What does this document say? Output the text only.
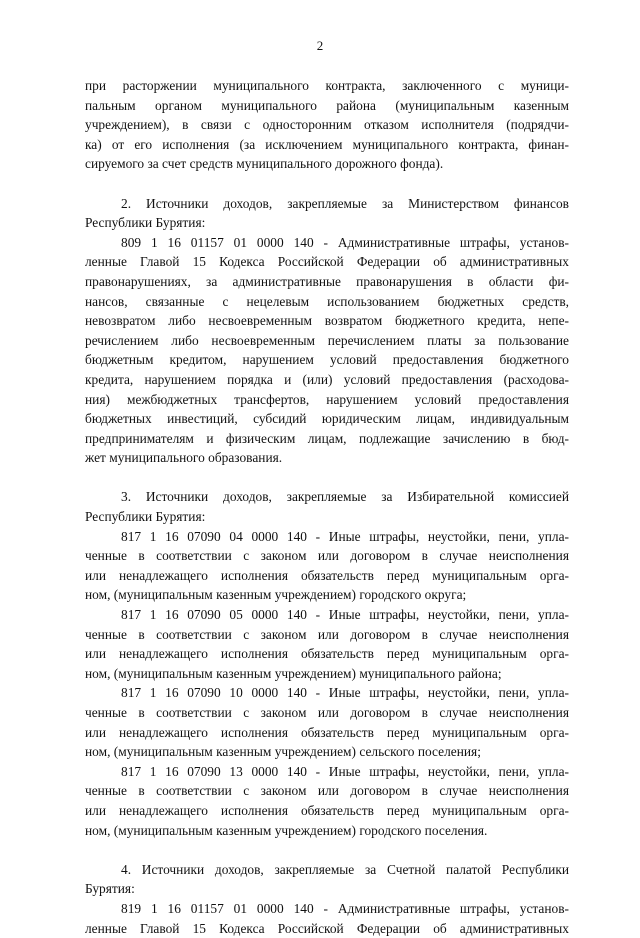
2
при расторжении муниципального контракта, заключенного с муници-
пальным органом муниципального района (муниципальным казенным
учреждением), в связи с односторонним отказом исполнителя (подрядчи-
ка) от его исполнения (за исключением муниципального контракта, финан-
сируемого за счет средств муниципального дорожного фонда).
2. Источники доходов, закрепляемые за Министерством финансов
Республики Бурятия:
809 1 16 01157 01 0000 140 - Административные штрафы, установ-
ленные Главой 15 Кодекса Российской Федерации об административных
правонарушениях, за административные правонарушения в области фи-
нансов, связанные с нецелевым использованием бюджетных средств,
невозвратом либо несвоевременным возвратом бюджетного кредита, непе-
речислением либо несвоевременным перечислением платы за пользование
бюджетным кредитом, нарушением условий предоставления бюджетного
кредита, нарушением порядка и (или) условий предоставления (расходова-
ния) межбюджетных трансфертов, нарушением условий предоставления
бюджетных инвестиций, субсидий юридическим лицам, индивидуальным
предпринимателям и физическим лицам, подлежащие зачислению в бюд-
жет муниципального образования.
3. Источники доходов, закрепляемые за Избирательной комиссией
Республики Бурятия:
817 1 16 07090 04 0000 140 - Иные штрафы, неустойки, пени, упла-
ченные в соответствии с законом или договором в случае неисполнения
или ненадлежащего исполнения обязательств перед муниципальным орга-
ном, (муниципальным казенным учреждением) городского округа;
817 1 16 07090 05 0000 140 - Иные штрафы, неустойки, пени, упла-
ченные в соответствии с законом или договором в случае неисполнения
или ненадлежащего исполнения обязательств перед муниципальным орга-
ном, (муниципальным казенным учреждением) муниципального района;
817 1 16 07090 10 0000 140 - Иные штрафы, неустойки, пени, упла-
ченные в соответствии с законом или договором в случае неисполнения
или ненадлежащего исполнения обязательств перед муниципальным орга-
ном, (муниципальным казенным учреждением) сельского поселения;
817 1 16 07090 13 0000 140 - Иные штрафы, неустойки, пени, упла-
ченные в соответствии с законом или договором в случае неисполнения
или ненадлежащего исполнения обязательств перед муниципальным орга-
ном, (муниципальным казенным учреждением) городского поселения.
4. Источники доходов, закрепляемые за Счетной палатой Республики
Бурятия:
819 1 16 01157 01 0000 140 - Административные штрафы, установ-
ленные Главой 15 Кодекса Российской Федерации об административных
